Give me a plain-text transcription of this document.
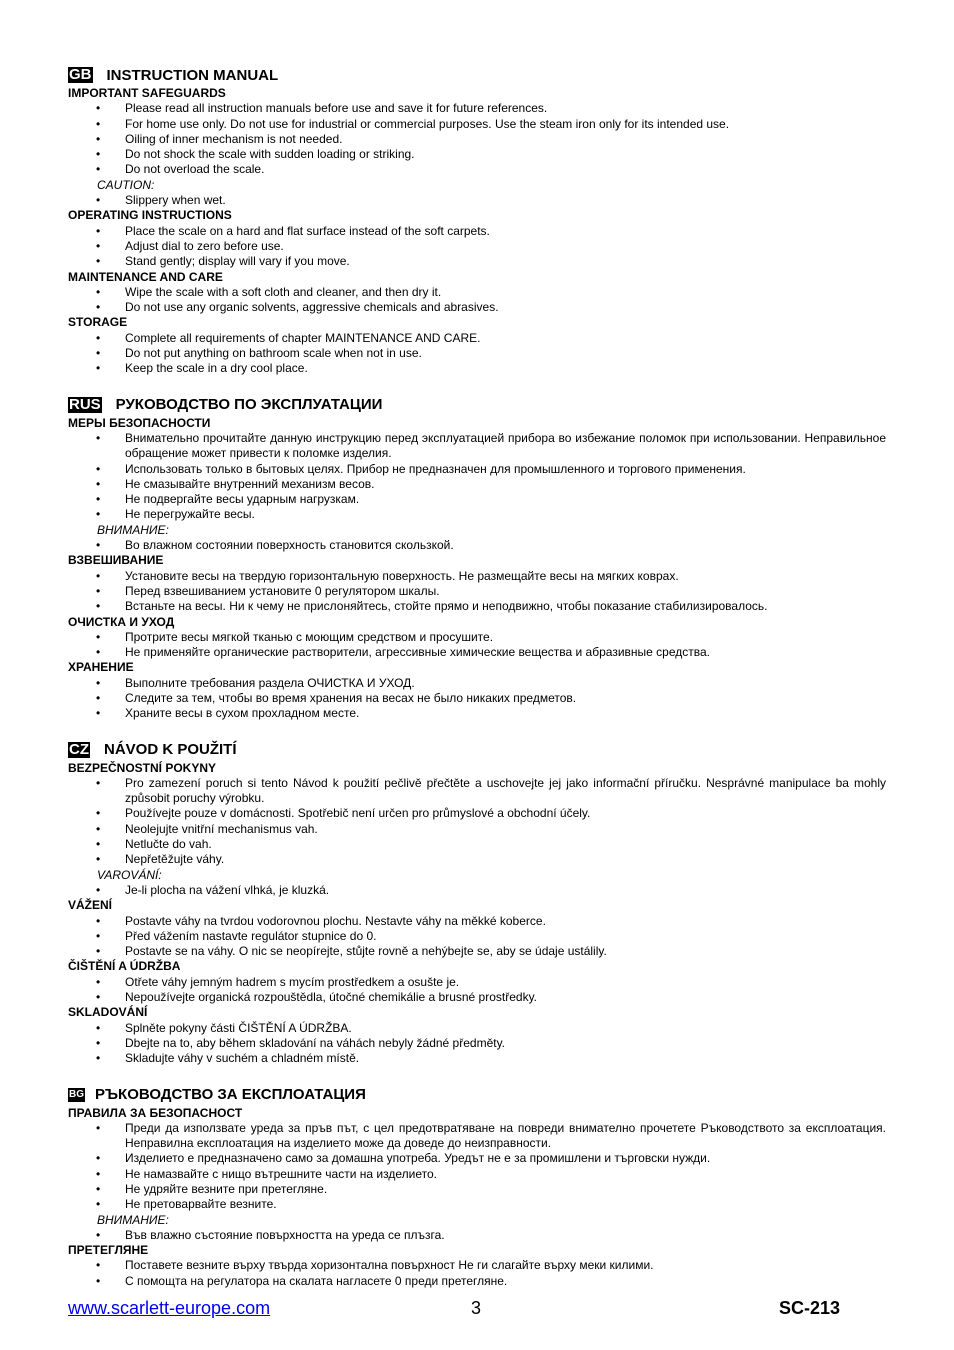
GB INSTRUCTION MANUAL
IMPORTANT SAFEGUARDS
• Please read all instruction manuals before use and save it for future references.
• For home use only. Do not use for industrial or commercial purposes. Use the steam iron only for its intended use.
• Oiling of inner mechanism is not needed.
• Do not shock the scale with sudden loading or striking.
• Do not overload the scale.
CAUTION:
• Slippery when wet.
OPERATING INSTRUCTIONS
• Place the scale on a hard and flat surface instead of the soft carpets.
• Adjust dial to zero before use.
• Stand gently; display will vary if you move.
MAINTENANCE AND CARE
• Wipe the scale with a soft cloth and cleaner, and then dry it.
• Do not use any organic solvents, aggressive chemicals and abrasives.
STORAGE
• Complete all requirements of chapter MAINTENANCE AND CARE.
• Do not put anything on bathroom scale when not in use.
• Keep the scale in a dry cool place.
RUS РУКОВОДСТВО ПО ЭКСПЛУАТАЦИИ
МЕРЫ БЕЗОПАСНОСТИ
• Внимательно прочитайте данную инструкцию перед эксплуатацией прибора во избежание поломок при использовании. Неправильное обращение может привести к поломке изделия.
• Использовать только в бытовых целях. Прибор не предназначен для промышленного и торгового применения.
• Не смазывайте внутренний механизм весов.
• Не подвергайте весы ударным нагрузкам.
• Не перегружайте весы.
ВНИМАНИЕ:
• Во влажном состоянии поверхность становится скользкой.
ВЗВЕШИВАНИЕ
• Установите весы на твердую горизонтальную поверхность. Не размещайте весы на мягких коврах.
• Перед взвешиванием установите 0 регулятором шкалы.
• Встаньте на весы. Ни к чему не прислоняйтесь, стойте прямо и неподвижно, чтобы показание стабилизировалось.
ОЧИСТКА И УХОД
• Протрите весы мягкой тканью с моющим средством и просушите.
• Не применяйте органические растворители, агрессивные химические вещества и абразивные средства.
ХРАНЕНИЕ
• Выполните требования раздела ОЧИСТКА И УХОД.
• Следите за тем, чтобы во время хранения на весах не было никаких предметов.
• Храните весы в сухом прохладном месте.
CZ NÁVOD K POUŽITÍ
BEZPEČNOSTNÍ POKYNY
• Pro zamezení poruch si tento Návod k použití pečlivě přečtěte a uschovejte jej jako informační příručku. Nesprávné manipulace ba mohly způsobit poruchy výrobku.
• Používejte pouze v domácnosti. Spotřebič není určen pro průmyslové a obchodní účely.
• Neolejujte vnitřní mechanismus vah.
• Netlučte do vah.
• Nepřetěžujte váhy.
VAROVÁNÍ:
• Je-li plocha na vážení vlhká, je kluzká.
VÁŽENÍ
• Postavte váhy na tvrdou vodorovnou plochu. Nestavte váhy na měkké koberce.
• Před vážením nastavte regulátor stupnice do 0.
• Postavte se na váhy. O nic se neopírejte, stůjte rovně a nehýbejte se, aby se údaje ustálily.
ČIŠTĚNÍ A ÚDRŽBA
• Otřete váhy jemným hadrem s mycím prostředkem a osušte je.
• Nepoužívejte organická rozpouštědla, útočné chemikálie a brusné prostředky.
SKLADOVÁNÍ
• Splněte pokyny části ČIŠTĚNÍ A ÚDRŽBA.
• Dbejte na to, aby během skladování na váhách nebyly žádné předměty.
• Skladujte váhy v suchém a chladném místě.
BG РЪКОВОДСТВО ЗА ЕКСПЛОАТАЦИЯ
ПРАВИЛА ЗА БЕЗОПАСНОСТ
• Преди да използвате уреда за пръв път, с цел предотвратяване на повреди внимателно прочетете Ръководството за експлоатация. Неправилна експлоатация на изделието може да доведе до неизправности.
• Изделието е предназначено само за домашна употреба. Уредът не е за промишлени и търговски нужди.
• Не намазвайте с нищо вътрешните части на изделието.
• Не удряйте везните при претегляне.
• Не претоварвайте везните.
ВНИМАНИЕ:
• Във влажно състояние повърхността на уреда се плъзга.
ПРЕТЕГЛЯНЕ
• Поставете везните върху твърда хоризонтална повърхност Не ги слагайте върху меки килими.
• С помощта на регулатора на скалата нагласете 0 преди претегляне.
www.scarlett-europe.com	3	SC-213
